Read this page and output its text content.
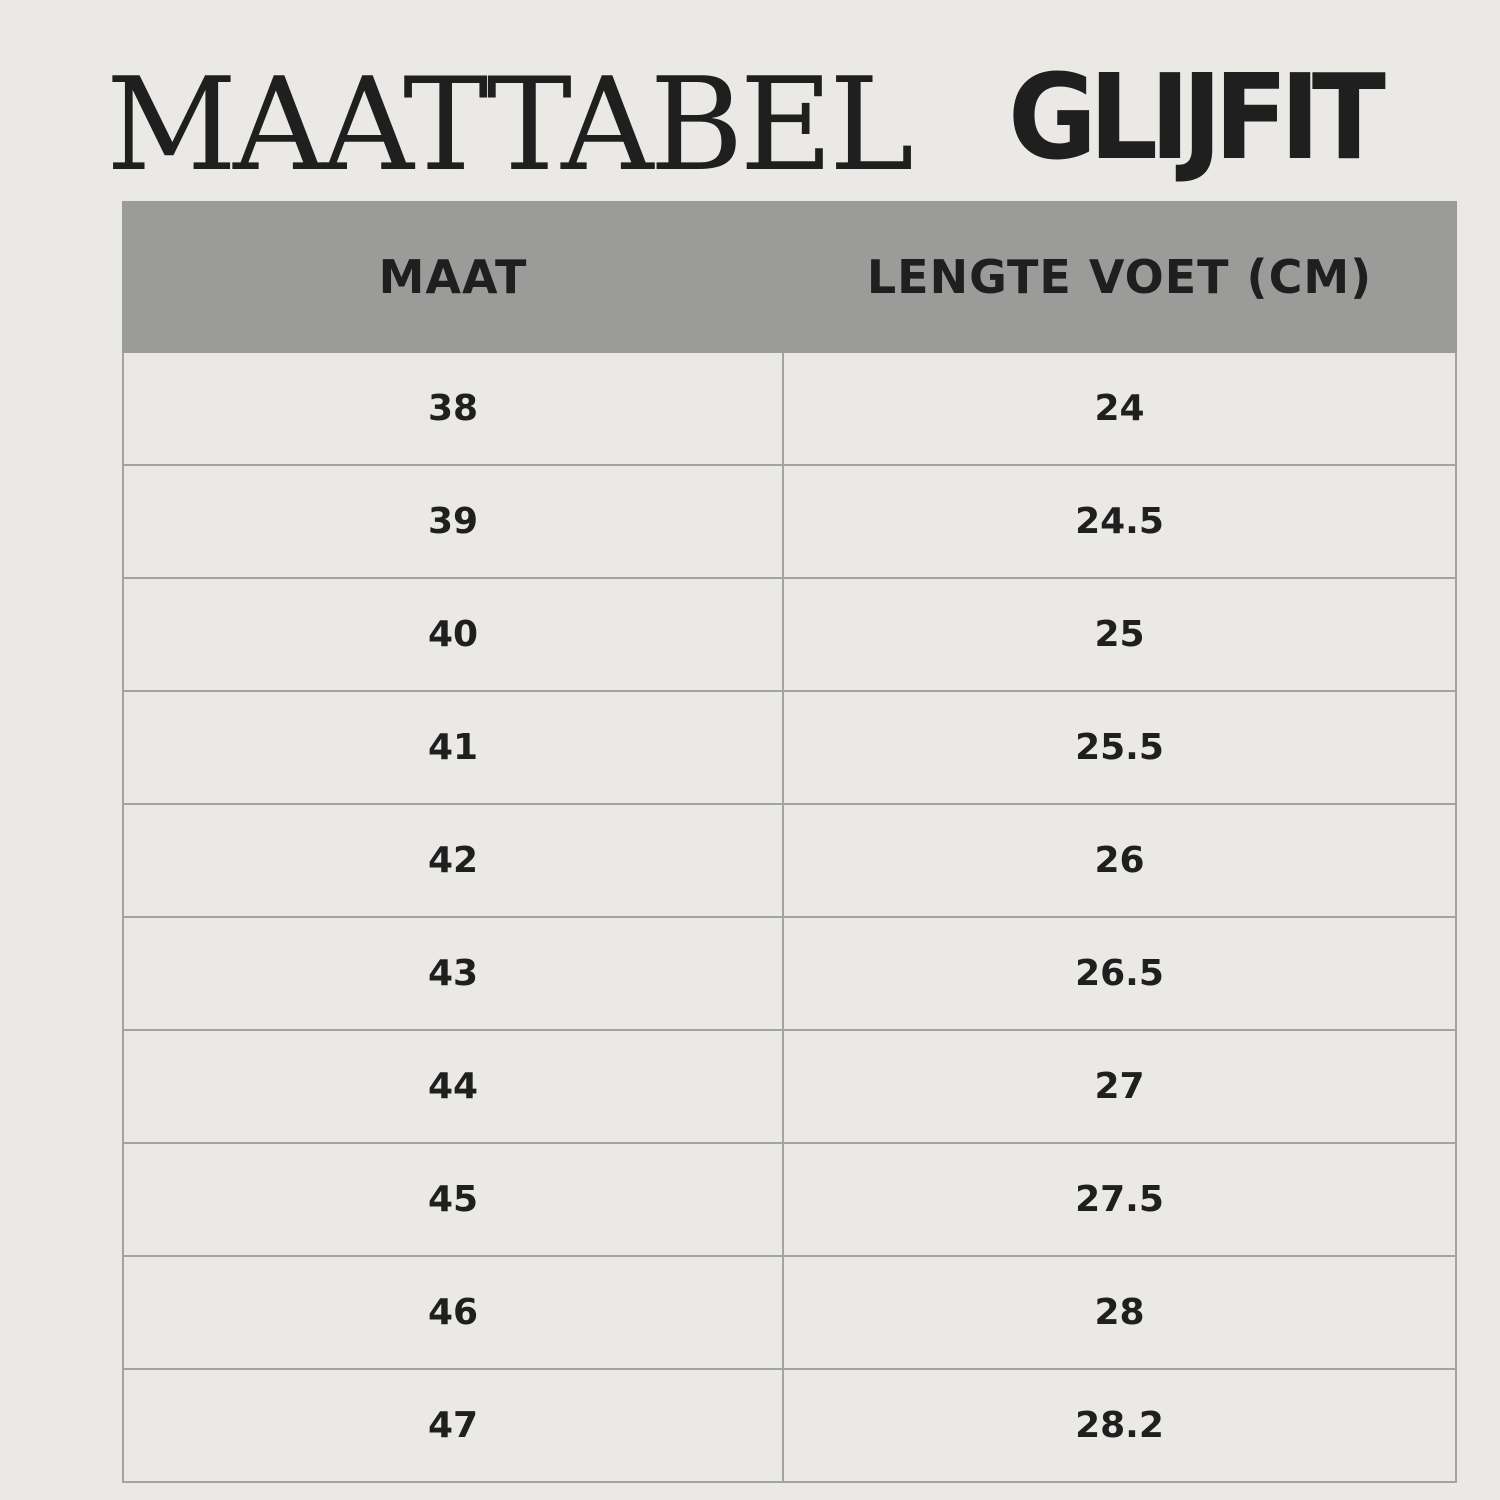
MAATTABEL GLIJFIT
MAAT	LENGTE VOET (CM)
38	24
39	24.5
40	25
41	25.5
42	26
43	26.5
44	27
45	27.5
46	28
47	28.2
